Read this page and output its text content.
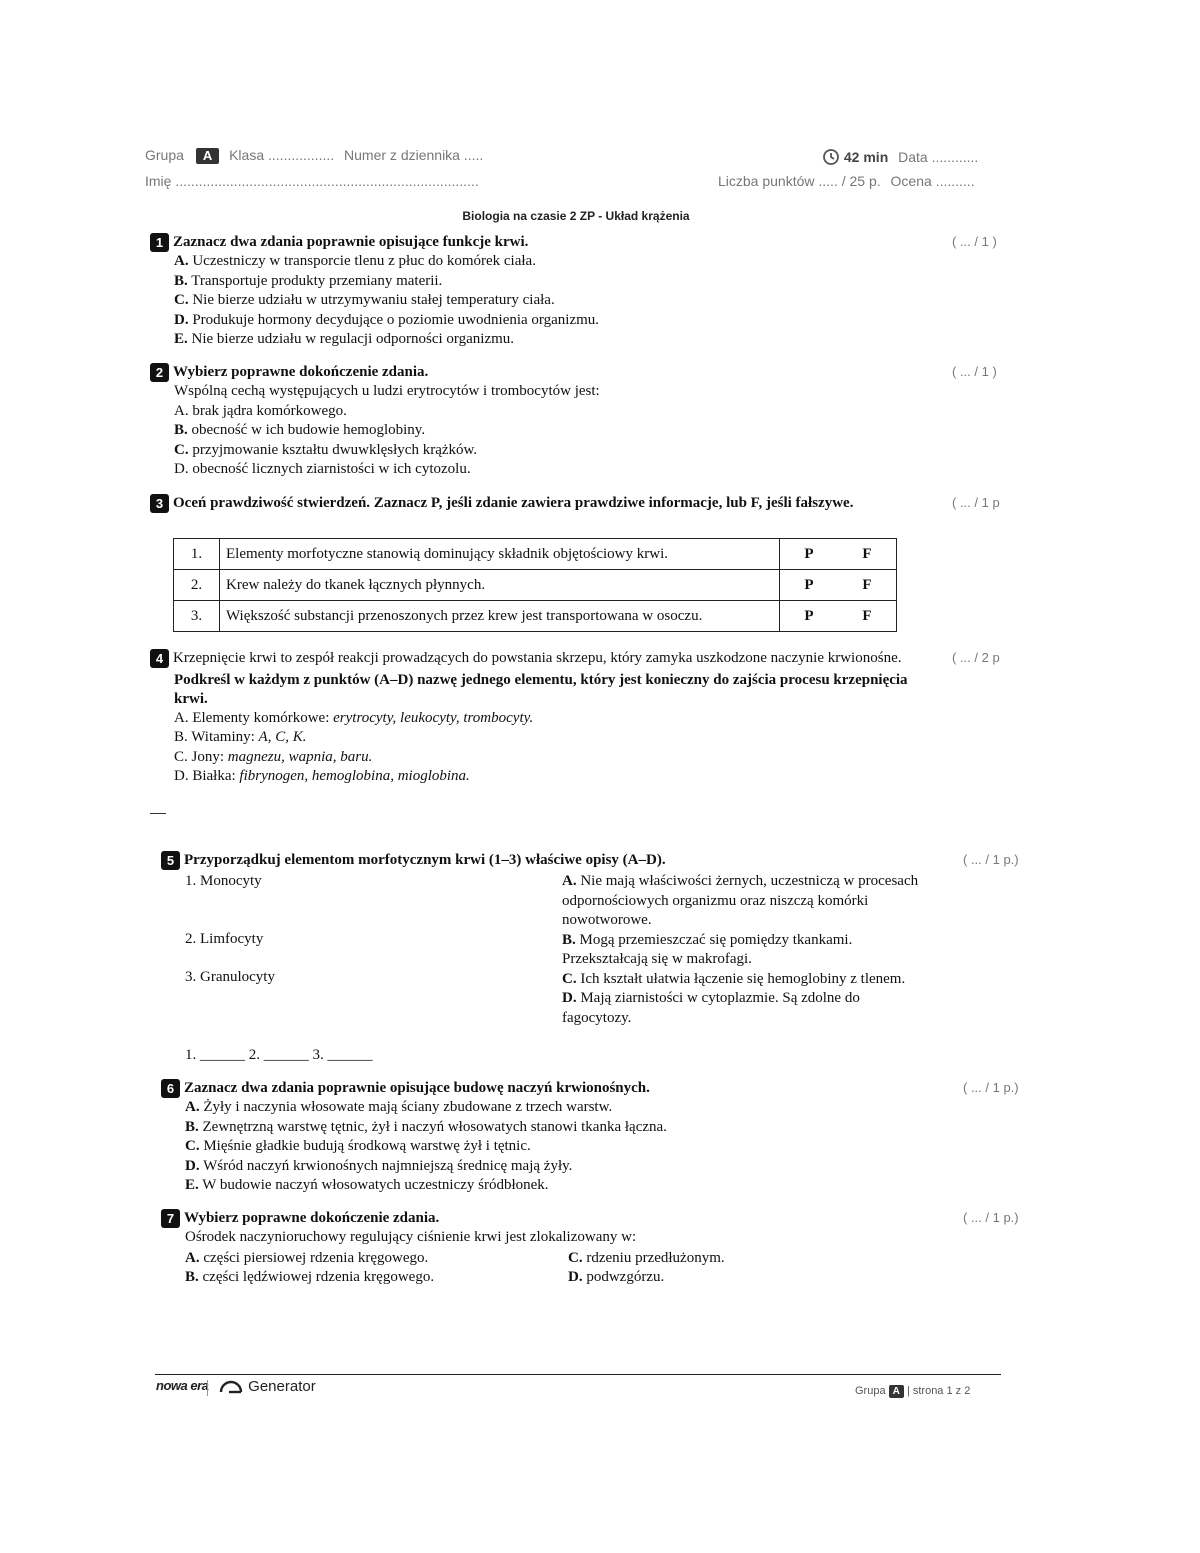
Grupa A Klasa ................. Numer z dziennika .....
Imię ..............................................................................
42 min Data ............
Liczba punktów ..... / 25 p. Ocena ..........
Biologia na czasie 2 ZP - Układ krążenia
1 Zaznacz dwa zdania poprawnie opisujące funkcje krwi.
A. Uczestniczy w transporcie tlenu z płuc do komórek ciała.
B. Transportuje produkty przemiany materii.
C. Nie bierze udziału w utrzymywaniu stałej temperatury ciała.
D. Produkuje hormony decydujące o poziomie uwodnienia organizmu.
E. Nie bierze udziału w regulacji odporności organizmu.
( ... / 1 )
2 Wybierz poprawne dokończenie zdania.
Wspólną cechą występujących u ludzi erytrocytów i trombocytów jest:
A. brak jądra komórkowego.
B. obecność w ich budowie hemoglobiny.
C. przyjmowanie kształtu dwuwklęsłych krążków.
D. obecność licznych ziarnistości w ich cytozolu.
( ... / 1 )
3 Oceń prawdziwość stwierdzeń. Zaznacz P, jeśli zdanie zawiera prawdziwe informacje, lub F, jeśli fałszywe.	( ... / 1 p
1.	Elementy morfotyczne stanowią dominujący składnik objętościowy krwi.	P	F
2.	Krew należy do tkanek łącznych płynnych.	P	F
3.	Większość substancji przenoszonych przez krew jest transportowana w osoczu.	P	F
4 Krzepnięcie krwi to zespół reakcji prowadzących do powstania skrzepu, który zamyka uszkodzone naczynie krwionośne.
Podkreśl w każdym z punktów (A–D) nazwę jednego elementu, który jest konieczny do zajścia procesu krzepnięcia krwi.
A. Elementy komórkowe: erytrocyty, leukocyty, trombocyty.
B. Witaminy: A, C, K.
C. Jony: magnezu, wapnia, baru.
D. Białka: fibrynogen, hemoglobina, mioglobina.
( ... / 2 p
5 Przyporządkuj elementom morfotycznym krwi (1–3) właściwe opisy (A–D).	( ... / 1 p.)
1. Monocyty
2. Limfocyty
3. Granulocyty
A. Nie mają właściwości żernych, uczestniczą w procesach odpornościowych organizmu oraz niszczą komórki nowotworowe.
B. Mogą przemieszczać się pomiędzy tkankami. Przekształcają się w makrofagi.
C. Ich kształt ułatwia łączenie się hemoglobiny z tlenem.
D. Mają ziarnistości w cytoplazmie. Są zdolne do fagocytozy.
1. ______ 2. ______ 3. ______
6 Zaznacz dwa zdania poprawnie opisujące budowę naczyń krwionośnych.
A. Żyły i naczynia włosowate mają ściany zbudowane z trzech warstw.
B. Zewnętrzną warstwę tętnic, żył i naczyń włosowatych stanowi tkanka łączna.
C. Mięśnie gładkie budują środkową warstwę żył i tętnic.
D. Wśród naczyń krwionośnych najmniejszą średnicę mają żyły.
E. W budowie naczyń włosowatych uczestniczy śródbłonek.
( ... / 1 p.)
7 Wybierz poprawne dokończenie zdania.
Ośrodek naczynioruchowy regulujący ciśnienie krwi jest zlokalizowany w:
( ... / 1 p.)
A. części piersiowej rdzenia kręgowego.
B. części lędźwiowej rdzenia kręgowego.
C. rdzeniu przedłużonym.
D. podwzgórzu.
nowa era	Generator	Grupa A | strona 1 z 2
